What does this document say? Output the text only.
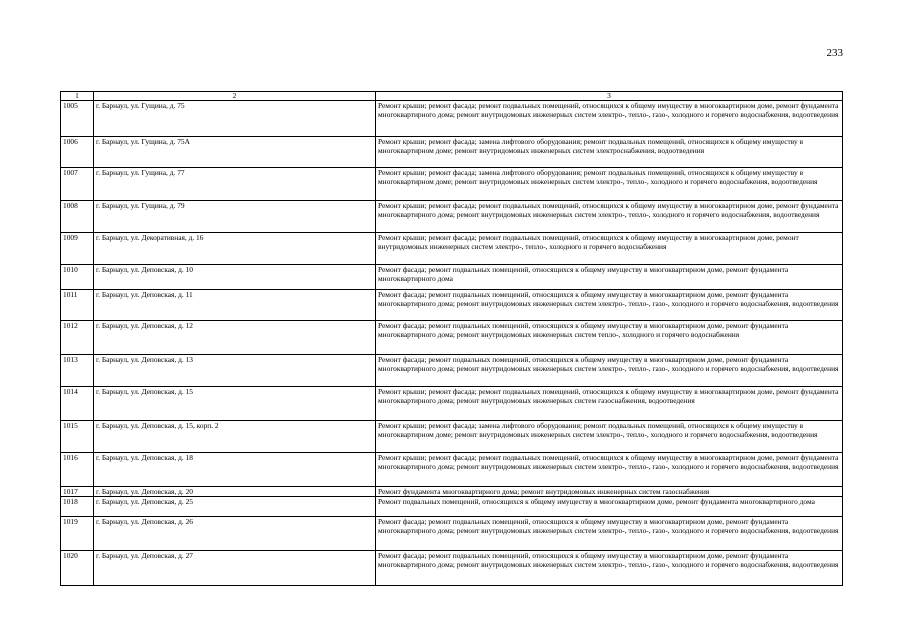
233
1	2	3
1005	г. Барнаул, ул. Гущина, д. 75	Ремонт крыши; ремонт фасада; ремонт подвальных помещений, относящихся к общему имуществу в многоквартирном доме, ремонт фундамента многоквартирного дома; ремонт внутридомовых инженерных систем электро-, тепло-, газо-, холодного и горячего водоснабжения, водоотведения
1006	г. Барнаул, ул. Гущина, д. 75А	Ремонт крыши; ремонт фасада; замена лифтового оборудования; ремонт подвальных помещений, относящихся к общему имуществу в многоквартирном доме; ремонт внутридомовых инженерных систем электроснабжения, водоотведения
1007	г. Барнаул, ул. Гущина, д. 77	Ремонт крыши; ремонт фасада; замена лифтового оборудования; ремонт подвальных помещений, относящихся к общему имуществу в многоквартирном доме; ремонт внутридомовых инженерных систем электро-, тепло-, холодного и горячего водоснабжения, водоотведения
1008	г. Барнаул, ул. Гущина, д. 79	Ремонт крыши; ремонт фасада; ремонт подвальных помещений, относящихся к общему имуществу в многоквартирном доме, ремонт фундамента многоквартирного дома; ремонт внутридомовых инженерных систем электро-, тепло-, холодного и горячего водоснабжения, водоотведения
1009	г. Барнаул, ул. Декоративная, д. 16	Ремонт крыши; ремонт фасада; ремонт подвальных помещений, относящихся к общему имуществу в многоквартирном доме, ремонт внутридомовых инженерных систем электро-, тепло-, холодного и горячего водоснабжения
1010	г. Барнаул, ул. Деповская, д. 10	Ремонт фасада; ремонт подвальных помещений, относящихся к общему имуществу в многоквартирном доме, ремонт фундамента многоквартирного дома
1011	г. Барнаул, ул. Деповская, д. 11	Ремонт фасада; ремонт подвальных помещений, относящихся к общему имуществу в многоквартирном доме, ремонт фундамента многоквартирного дома; ремонт внутридомовых инженерных систем электро-, тепло-, газо-, холодного и горячего водоснабжения, водоотведения
1012	г. Барнаул, ул. Деповская, д. 12	Ремонт фасада; ремонт подвальных помещений, относящихся к общему имуществу в многоквартирном доме, ремонт фундамента многоквартирного дома; ремонт внутридомовых инженерных систем тепло-, холодного и горячего водоснабжения
1013	г. Барнаул, ул. Деповская, д. 13	Ремонт фасада; ремонт подвальных помещений, относящихся к общему имуществу в многоквартирном доме, ремонт фундамента многоквартирного дома; ремонт внутридомовых инженерных систем электро-, тепло-, газо-, холодного и горячего водоснабжения, водоотведения
1014	г. Барнаул, ул. Деповская, д. 15	Ремонт крыши; ремонт фасада; ремонт подвальных помещений, относящихся к общему имуществу в многоквартирном доме, ремонт фундамента многоквартирного дома; ремонт внутридомовых инженерных систем газоснабжения, водоотведения
1015	г. Барнаул, ул. Деповская, д. 15, корп. 2	Ремонт крыши; ремонт фасада; замена лифтового оборудования; ремонт подвальных помещений, относящихся к общему имуществу в многоквартирном доме; ремонт внутридомовых инженерных систем электро-, тепло-, холодного и горячего водоснабжения, водоотведения
1016	г. Барнаул, ул. Деповская, д. 18	Ремонт крыши; ремонт фасада; ремонт подвальных помещений, относящихся к общему имуществу в многоквартирном доме, ремонт фундамента многоквартирного дома; ремонт внутридомовых инженерных систем электро-, тепло-, газо-, холодного и горячего водоснабжения, водоотведения
1017	г. Барнаул, ул. Деповская, д. 20	Ремонт фундамента многоквартирного дома; ремонт внутридомовых инженерных систем газоснабжения
1018	г. Барнаул, ул. Деповская, д. 25	Ремонт подвальных помещений, относящихся к общему имуществу в многоквартирном доме, ремонт фундамента многоквартирного дома
1019	г. Барнаул, ул. Деповская, д. 26	Ремонт фасада; ремонт подвальных помещений, относящихся к общему имуществу в многоквартирном доме, ремонт фундамента многоквартирного дома; ремонт внутридомовых инженерных систем электро-, тепло-, газо-, холодного и горячего водоснабжения, водоотведения
1020	г. Барнаул, ул. Деповская, д. 27	Ремонт фасада; ремонт подвальных помещений, относящихся к общему имуществу в многоквартирном доме, ремонт фундамента многоквартирного дома; ремонт внутридомовых инженерных систем электро-, тепло-, газо-, холодного и горячего водоснабжения, водоотведения
